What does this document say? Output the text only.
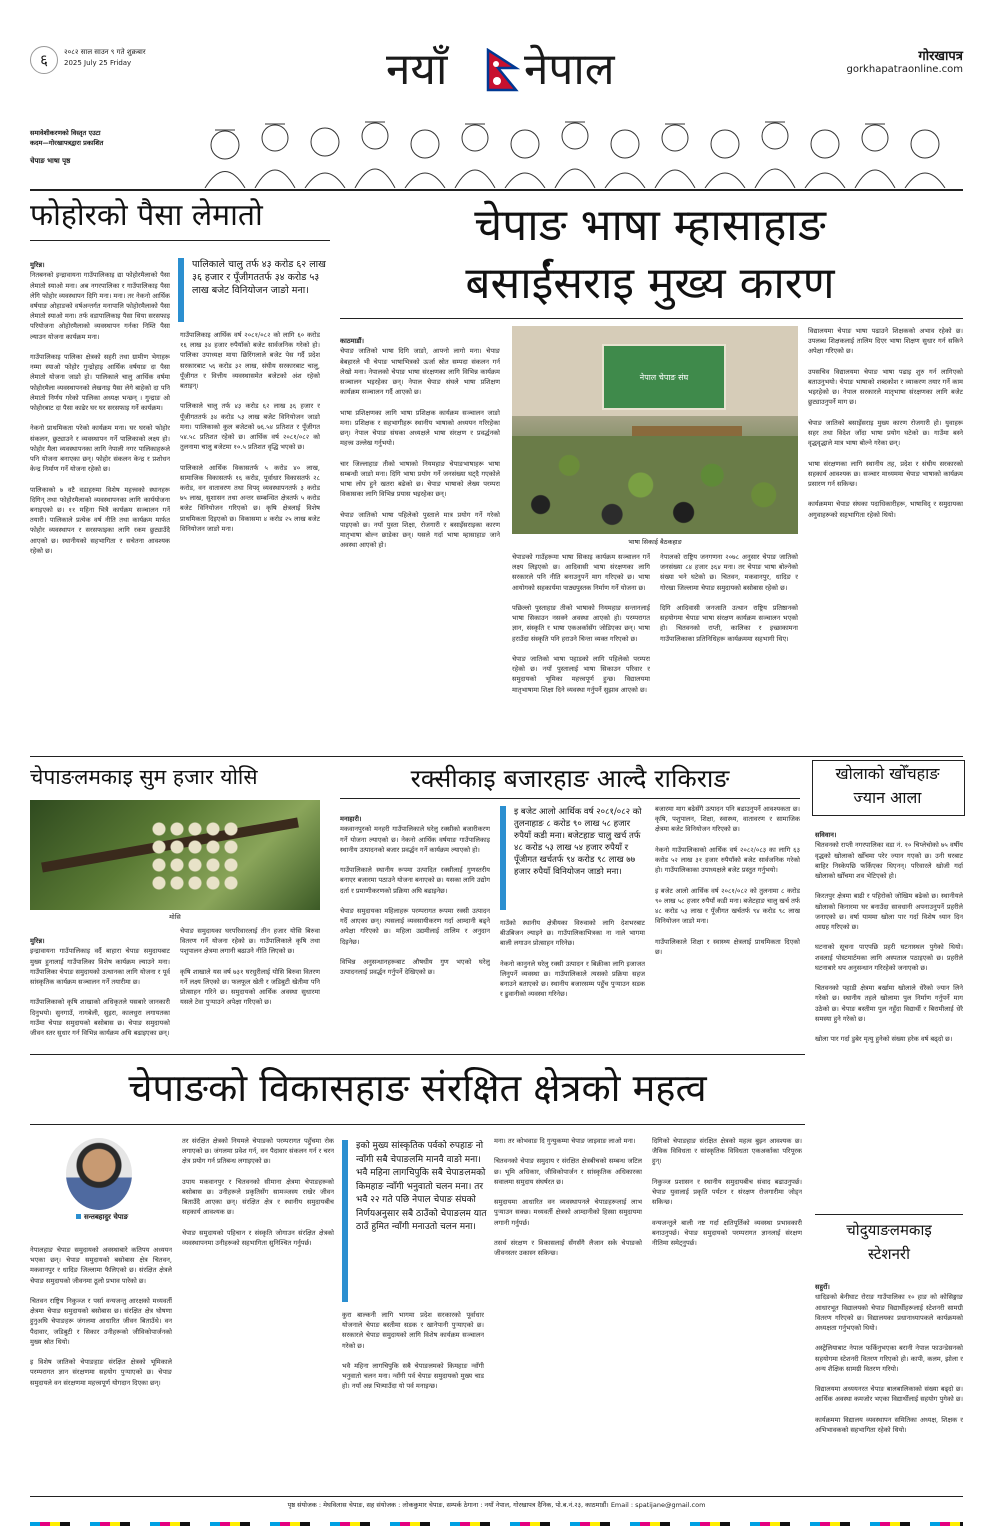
६ २०८२ साल साउन ९ गते शुक्रबार
2025 July 25 Friday	नयाँ नेपाल	गोरखापत्र
gorkhapatraonline.com
समावेशीकरणको विस्तृत एउटा
कदम—गोरखापत्रद्वारा प्रकाशित
चेपाङ भाषा पृष्ठ
फोहोरको पैसा लेमातो

मुरिन्न।
नितबनको इन्द्रावायना गाउँपालिकाइ द्या फोहोरमैलाको पैसा लेमातो स्याओ मना। अब नगरपालिका र गाउँपालिकाइ पैसा लेगि फोहोर व्यवस्थापन दिगि मना। मना। तर नेकनो आर्थिक वर्षयाङ ओहाङको वर्षअन्तर्गत मनापालि फोहोरमैलाको पैसा लेमातो स्याओ मना। तर्फ वडापालिकाइ पैसा थिया सरसफाइ परियोजना ओहोरमैलाको व्यवस्थापन गर्नका निम्ति पैसा ल्याउन योजना कार्यक्रम मना।

गाउँपालिकाइ पालिका क्षेत्रको सहरी तथा ग्रामीण भेगाहरू नम्मा स्याओ फोहोर गुन्द्रोहाइ आर्थिक वर्षयाङ दा पैसा लेमातो योजना जाङो हो। पालिकाले चालु आर्थिक वर्षमा फोहोरमैला व्यवस्थापनको लेखनाइ पैसा लेगे बाहेको दा पनि लेमातो निर्णय गरेको पालिका अध्यक्ष भन्छन् । गुन्द्राङ ओ फोहोरबाट दा पैसा काढेर घर घर सरसफाइ गर्ने कार्यक्रम।

नेकनो प्राथमिकता परेको कार्यक्रम मना। घर घरको फोहोर संकलन, छुट्याउने र व्यवस्थापन गर्ने पालिकाको लक्ष्य हो। फोहोर मैला व्यवस्थापनका लागि नेपाली नगर पालिकाहरूले पनि योजना बनाएका छन्। फोहोर संकलन केन्द्र र प्रशोधन केन्द्र निर्माण गर्ने योजना रहेको छ।

पालिकाको ७ वटै वडाहरुमा विशेष महत्त्वको स्थानहरू दिगिन् तथा फोहोरमैलाको व्यवस्थापनका लागि कार्ययोजना बनाइएको छ। ११ महिना भित्रै कार्यक्रम सञ्चालन गर्ने तयारी। पालिकाले प्रत्येक वर्ष नीति तथा कार्यक्रम मार्फत फोहोर व्यवस्थापन र सरसफाइका लागि रकम छुट्याउँदै आएको छ। स्थानीयको सहभागिता र सचेतना आवश्यक रहेको छ।

पालिकाले चालु तर्फ ४३ करोड ६२ लाख ३६ हजार र पूँजीगततर्फ ३४ करोड ५३ लाख बजेट विनियोजन जाङो मना।
गाउँपालिकाइ आर्थिक वर्ष २०८१/०८२ को लागि ६० करोड १६ लाख ३४ हजार रुपैयाँको बजेट सार्वजनिक गरेको हो। पालिका उपाध्यक्ष माया छिरिंगलाले बजेट पेस गर्दै प्रदेश सरकारबाट ५६ करोड ३२ लाख, संघीय सरकारबाट चालु, पूँजीगत र वित्तीय व्यवस्थासमेत बजेटको अंश रहेको बताइन्।

पालिकाले चालु तर्फ ४३ करोड ६२ लाख ३६ हजार र पूँजीगततर्फ ३४ करोड ५३ लाख बजेट विनियोजन जाङो मना। पालिकाको कुल बजेटको ७६.५४ प्रतिशत र पूँजीगत ५४.५८ प्रतिशत रहेको छ। आर्थिक वर्ष २०८१/०८२ को तुलनामा चालु बजेटमा १०.५ प्रतिशत वृद्धि भएको छ।

पालिकाले आर्थिक विकासतर्फ ५ करोड ४० लाख, सामाजिक विकासतर्फ १६ करोड, पूर्वाधार विकासतर्फ २८ करोड, वन वातावरण तथा विपद् व्यवस्थापनतर्फ ३ करोड ७५ लाख, सुशासन तथा अन्तर सम्बन्धित क्षेत्रतर्फ ५ करोड बजेट विनियोजन गरिएको छ। कृषि क्षेत्रलाई विशेष प्राथमिकता दिइएको छ। विकासमा ४ करोड २५ लाख बजेट विनियोजन जाङो मना।
चेपाङ भाषा म्हासाहाङ
बसाईंसराइ मुख्य कारण

काठमाडौं।
चेपाङ जातिको भाषा दिगि जाङो, आफ्नो लागो मना। चेपाङ बेबहारले भी चेपाङ भाषाभित्रको ऊर्जा स्रोत सम्पदा संकलन गर्न लेखो मना। नेपालको चेपाङ भाषा संरक्षणका लागि विभिन्न कार्यक्रम सञ्चालन भइरहेका छन्। नेपाल चेपाङ संघले भाषा प्रशिक्षण कार्यक्रम सञ्चालन गर्दै आएको छ।

भाषा प्रशिक्षणका लागि भाषा प्रशिक्षक कार्यक्रम सञ्चालन जाङो मना। प्रशिक्षक र सहभागीहरू स्थानीय भाषाको अध्ययन गरिरहेका छन्। नेपाल चेपाङ संघका अध्यक्षले भाषा संरक्षण र प्रवर्द्धनको महत्त्व उल्लेख गर्नुभयो।

चार जिल्लाहाङ तीको भाषाको नियमहाङ चेपाङभाषाहरू भाषा सम्बन्धी जाङो मना। दिगि भाषा प्रयोग गर्ने जनसंख्या घट्दै गएकोले भाषा लोप हुने खतरा बढेको छ। चेपाङ भाषाको लेख्य परम्परा विकासका लागि विभिन्न प्रयास भइरहेका छन्।

चेपाङ जातिको भाषा पहिलेको पुस्ताले मात्र प्रयोग गर्ने गरेको पाइएको छ। नयाँ पुस्ता शिक्षा, रोजगारी र बसाइँसराइका कारण मातृभाषा बोल्न छाडेका छन्। यसले गर्दा भाषा म्हासाहाङ जाने अवस्था आएको हो।

नेपाल चेपाङ संघ
भाषा सिकाई बैठकहाङ
चेपाङको गाउँहरूमा भाषा सिकाइ कार्यक्रम सञ्चालन गर्ने लक्ष्य लिइएको छ। आदिवासी भाषा संरक्षणका लागि सरकारले पनि नीति बनाउनुपर्ने माग गरिएको छ। भाषा आयोगको सहकार्यमा पाठ्यपुस्तक निर्माण गर्ने योजना छ।

पछिल्लो पुस्ताहाङ तीको भाषाको नियमहाङ सन्तानलाई भाषा सिकाउन नसक्ने अवस्था आएको हो। परम्परागत ज्ञान, संस्कृति र भाषा एकअर्कासँग जोडिएका छन्। भाषा हराउँदा संस्कृति पनि हराउने चिन्ता व्यक्त गरिएको छ।

चेपाङ जातिको भाषा पहाडको लागि पहिलेको परम्परा रहेको छ। नयाँ पुस्तालाई भाषा सिकाउन परिवार र समुदायको भूमिका महत्त्वपूर्ण हुन्छ। विद्यालयमा मातृभाषामा शिक्षा दिने व्यवस्था गर्नुपर्ने सुझाव आएको छ।
नेपालको राष्ट्रिय जनगणना २०७८ अनुसार चेपाङ जातिको जनसंख्या ८४ हजार ३६४ मना। तर चेपाङ भाषा बोल्नेको संख्या भने घटेको छ। चितवन, मकवानपुर, धादिङ र गोरखा जिल्लामा चेपाङ समुदायको बसोबास रहेको छ।

दिगि आदिवासी जनजाति उत्थान राष्ट्रिय प्रतिष्ठानको सहयोगमा चेपाङ भाषा संरक्षण कार्यक्रम सञ्चालन भएको हो। चितवनको राप्ती, कालिका र इच्छाकामना गाउँपालिकाका प्रतिनिधिहरू कार्यक्रममा सहभागी थिए।
विद्यालयमा चेपाङ भाषा पढाउने शिक्षकको अभाव रहेको छ। उपलब्ध शिक्षकलाई तालिम दिएर भाषा शिक्षण सुधार गर्न सकिने अपेक्षा गरिएको छ।

उपसचिव विद्यालयमा चेपाङ भाषा पढाइ शुरु गर्न लागिएको बताउनुभयो। चेपाङ भाषाको शब्दकोश र व्याकरण तयार गर्ने काम भइरहेको छ। नेपाल सरकारले मातृभाषा संरक्षणका लागि बजेट छुट्याउनुपर्ने माग छ।

चेपाङ जातिको बसाइँसराइ मुख्य कारण रोजगारी हो। युवाहरू सहर तथा विदेश जाँदा भाषा प्रयोग घटेको छ। गाउँमा बस्ने वृद्धवृद्धाले मात्र भाषा बोल्ने गरेका छन्।

भाषा संरक्षणका लागि स्थानीय तह, प्रदेश र संघीय सरकारको सहकार्य आवश्यक छ। सञ्चार माध्यममा चेपाङ भाषाको कार्यक्रम प्रसारण गर्न सकिन्छ।

कार्यक्रममा चेपाङ संघका पदाधिकारीहरू, भाषाविद् र समुदायका अगुवाहरूको सहभागिता रहेको थियो।
चेपाङलमकाइ सुम हजार योसि
मोसि

मुरिन्न।
इन्द्रावायना गाउँपालिकाइ वर्दै बाहारा चेपाङ समुदायबाट मुख्य हुनालाई गाउँपालिका विशेष कार्यक्रम ल्याउने मना। गाउँपालिका चेपाङ समुदायको उत्थानका लागि योजना र पूर्व सांस्कृतिक कार्यक्रम सञ्चालन गर्ने तयारीमा छ।

गाउँपालिकाको कृषि शाखाको अधिकृतले यसबारे जानकारी दिनुभयो। सुनगाउँ, नागबेली, सुइरा, कालधुरा लगायतका गाउँमा चेपाङ समुदायको बसोबास छ। चेपाङ समुदायको जीवन स्तर सुधार गर्न विभिन्न कार्यक्रम अघि बढाइएका छन्।

चेपाङ समुदायका घरपरिवारलाई तीन हजार योसि बिरुवा वितरण गर्ने योजना रहेको छ। गाउँपालिकाले कृषि तथा पशुपालन क्षेत्रमा लगानी बढाउने नीति लिएको छ।

कृषि शाखाले यस वर्ष ७३१ घरधुरीलाई योसि बिरुवा वितरण गर्ने लक्ष्य लिएको छ। फलफूल खेती र जडिबुटी खेतीमा पनि प्रोत्साहन गरिने छ। समुदायको आर्थिक अवस्था सुधारमा यसले टेवा पुर्‍याउने अपेक्षा गरिएको छ।
रक्सीकाइ बजारहाङ आल्दै राकिराङ

मनाहारी।
मकवानपुरको मनहरी गाउँपालिकाले घरेलु रक्सीको बजारीकरण गर्ने योजना ल्याएको छ। नेकनो आर्थिक वर्षयाङ गाउँपालिकाइ स्थानीय उत्पादनको बजार प्रवर्द्धन गर्ने कार्यक्रम ल्याएको हो।

गाउँपालिकाले स्थानीय रूपमा उत्पादित रक्सीलाई गुणस्तरीय बनाएर बजारमा पठाउने योजना बनाएको छ। यसका लागि उद्योग दर्ता र प्रमाणीकरणको प्रक्रिया अघि बढाइनेछ।

चेपाङ समुदायका महिलाहरू परम्परागत रूपमा रक्सी उत्पादन गर्दै आएका छन्। त्यसलाई व्यवसायीकरण गर्दा आम्दानी बढ्ने अपेक्षा गरिएको छ। महिला उद्यमीलाई तालिम र अनुदान दिइनेछ।

विभिन्न अनुसन्धानहरूबाट औषधीय गुण भएको घरेलु उत्पादनलाई प्रवर्द्धन गर्नुपर्ने देखिएको छ।

इ बजेट आलो आर्थिक वर्ष २०८१/०८२ को तुलनाहाङ ८ करोड ९० लाख ५८ हजार रुपैयाँ कडी मना। बजेटहाङ चालु खर्च तर्फ ४८ करोड ५३ लाख ५४ हजार रुपैयाँ र पूँजीगत खर्चतर्फ ९४ करोड ९८ लाख ७७ हजार रुपैयाँ विनियोजन जाङो मना।
गाउँको स्थानीय क्षेत्रीयका विरुवाको लागि देशभरबाट बीउबिजन ल्याइने छ। गाउँपालिकाभित्रका ना नाले भागमा बाली लगाउन प्रोत्साहन गरिनेछ।

नेकनो कानुनले घरेलु रक्सी उत्पादन र बिक्रीका लागि इजाजत लिनुपर्ने व्यवस्था छ। गाउँपालिकाले त्यसको प्रक्रिया सहज बनाउने बताएको छ। स्थानीय बजारसम्म पहुँच पुर्‍याउन सडक र ढुवानीको व्यवस्था गरिनेछ।
बजारमा माग बढेसँगै उत्पादन पनि बढाउनुपर्ने आवश्यकता छ। कृषि, पशुपालन, शिक्षा, स्वास्थ्य, वातावरण र सामाजिक क्षेत्रमा बजेट विनियोजन गरिएको छ।

नेकनो गाउँपालिकाको आर्थिक वर्ष २०८२/०८३ का लागि ६३ करोड ५२ लाख ३१ हजार रुपैयाँको बजेट सार्वजनिक गरेको हो। गाउँपालिकाका उपाध्यक्षले बजेट प्रस्तुत गर्नुभयो।

इ बजेट आलो आर्थिक वर्ष २०८१/०८२ को तुलनामा ८ करोड ९० लाख ५८ हजार रुपैयाँ कडी मना। बजेटहाङ चालु खर्च तर्फ ४८ करोड ५३ लाख र पूँजीगत खर्चतर्फ ९४ करोड ९८ लाख विनियोजन जाङो मना।

गाउँपालिकाले शिक्षा र स्वास्थ्य क्षेत्रलाई प्राथमिकता दिएको छ।
खोलाको खोँचहाङ
ज्यान आला

सविवान।
चितवनको राप्ती नगरपालिका वडा नं. १० चिप्लेचोको ७५ वर्षीय वृद्धको खोलाको खोँचमा परेर ज्यान गएको छ। उनी घरबाट बाहिर निस्केपछि फर्किएका थिएनन्। परिवारले खोजी गर्दा खोलाको खोँचमा शव भेटिएको हो।

किरतपुर क्षेत्रमा बाढी र पहिरोको जोखिम बढेको छ। स्थानीयले खोलाको किनारमा घर बनाउँदा सावधानी अपनाउनुपर्ने प्रहरीले जनाएको छ। वर्षा याममा खोला पार गर्दा विशेष ध्यान दिन आग्रह गरिएको छ।

घटनाको सूचना पाएपछि प्रहरी घटनास्थल पुगेको थियो। शवलाई पोस्टमार्टमका लागि अस्पताल पठाइएको छ। प्रहरीले घटनाबारे थप अनुसन्धान गरिरहेको जनाएको छ।

चितवनको पहाडी क्षेत्रमा बर्खामा खोलाले धेरैको ज्यान लिने गरेको छ। स्थानीय तहले खोलामा पुल निर्माण गर्नुपर्ने माग उठेको छ। चेपाङ बस्तीमा पुल नहुँदा विद्यार्थी र बिरामीलाई धेरै समस्या हुने गरेको छ।

खोला पार गर्दा डुबेर मृत्यु हुनेको संख्या हरेक वर्ष बढ्दो छ।

चेपाङको विकासहाङ संरक्षित क्षेत्रको महत्व
सन्तबहादुर चेपाङ
नेपालहाङ चेपाङ समुदायको अवस्थाबारे कतिपय अध्ययन भएका छन्। चेपाङ समुदायको बसोबास क्षेत्र चितवन, मकवानपुर र धादिङ जिल्लामा फैलिएको छ। संरक्षित क्षेत्रले चेपाङ समुदायको जीवनमा ठूलो प्रभाव पारेको छ।

चितवन राष्ट्रिय निकुञ्ज र पर्सा वन्यजन्तु आरक्षको मध्यवर्ती क्षेत्रमा चेपाङ समुदायको बसोबास छ। संरक्षित क्षेत्र घोषणा हुनुअघि चेपाङहरू जंगलमा आधारित जीवन बिताउँथे। वन पैदावार, जडिबुटी र सिकार उनीहरूको जीविकोपार्जनको मुख्य स्रोत थियो।

इ विशेष जातिको चेपाङहाङ संरक्षित क्षेत्रको भूमिकाले परम्परागत ज्ञान संरक्षणमा सहयोग पुर्‍याएको छ। चेपाङ समुदायले वन संरक्षणमा महत्त्वपूर्ण योगदान दिएका छन्।
तर संरक्षित क्षेत्रको नियमले चेपाङको परम्परागत पहुँचमा रोक लगाएको छ। जंगलमा प्रवेश गर्न, वन पैदावार संकलन गर्न र चरन क्षेत्र प्रयोग गर्न प्रतिबन्ध लगाइएको छ।

उपाय मकवानपुर र चितवनको सीमाना क्षेत्रमा चेपाङहरूको बसोबास छ। उनीहरूले प्रकृतिसँग सामञ्जस्य राखेर जीवन बिताउँदै आएका छन्। संरक्षित क्षेत्र र स्थानीय समुदायबीच सहकार्य आवश्यक छ।

चेपाङ समुदायको पहिचान र संस्कृति जोगाउन संरक्षित क्षेत्रको व्यवस्थापनमा उनीहरूको सहभागिता सुनिश्चित गर्नुपर्छ।
इको मुख्य सांस्कृतिक पर्वको रुपहाङ नो न्वाँगी सबै चेपाङलमि मानवै वाङो मना। भवै महिना लागचिपुकि सबै चेपाङलमको किमहाङ न्वाँगी भनुवातो चलन मना। तर भवै २२ गते पछि नेपाल चेपाङ संघको निर्णयअनुसार सबै ठाउँको चेपाङलम यात ठाउँ हुमित न्वाँगी मनाउतो चलन मना।
कुरा बाल्कनी लागि भागमा प्रदेश सरकारको पूर्वाधार योजनाले चेपाङ बस्तीमा सडक र खानेपानी पुर्‍याएको छ। सरकारले चेपाङ समुदायको लागि विशेष कार्यक्रम सञ्चालन गरेको छ।

भवै महिना लागचिपुकि सबै चेपाङलमको किमहाङ न्वाँगी भनुवातो चलन मना। न्वाँगी पर्व चेपाङ समुदायको मुख्य चाड हो। नयाँ अन्न भित्र्याउँदा यो पर्व मनाइन्छ।
मना। तर कोभवाङ दि गुन्युकम्मा चेपाङ जाइवाङ लाओ मना।

चितवनको चेपाङ समुदाय र संरक्षित क्षेत्रबीचको सम्बन्ध जटिल छ। भूमि अधिकार, जीविकोपार्जन र सांस्कृतिक अधिकारका सवालमा समुदाय संघर्षरत छ।

समुदायमा आधारित वन व्यवस्थापनले चेपाङहरूलाई लाभ पुर्‍याउन सक्छ। मध्यवर्ती क्षेत्रको आम्दानीको हिस्सा समुदायमा लगानी गर्नुपर्छ।

तसर्थ संरक्षण र विकासलाई सँगसँगै लैजान सके चेपाङको जीवनस्तर उकास्न सकिन्छ।
दिगिको चेपाङहाङ संरक्षित क्षेत्रको महत्व बुझ्न आवश्यक छ। जैविक विविधता र सांस्कृतिक विविधता एकअर्काका परिपूरक हुन्।

निकुञ्ज प्रशासन र स्थानीय समुदायबीच संवाद बढाउनुपर्छ। चेपाङ युवालाई प्रकृति पर्यटन र संरक्षण रोजगारीमा जोड्न सकिन्छ।

वन्यजन्तुले बाली नष्ट गर्दा क्षतिपूर्तिको व्यवस्था प्रभावकारी बनाउनुपर्छ। चेपाङ समुदायको परम्परागत ज्ञानलाई संरक्षण नीतिमा समेट्नुपर्छ।
चोदुयाङलमकाइ
स्टेशनरी

सहुर्रो।
धादिङको बेनीघाट रोराङ गाउँपालिका १० हाङ को कोसिङ्गाङ आधारभूत विद्यालयको चेपाङ विद्यार्थीहरूलाई स्टेशनरी सामग्री वितरण गरिएको छ। विद्यालयका प्रधानाध्यापकले कार्यक्रमको अध्यक्षता गर्नुभएको थियो।

अस्ट्रेलियाबाट नेपाल फर्किनुभएका बरानी नेपाल फाउन्डेसनको सहयोगमा स्टेशनरी वितरण गरिएको हो। कापी, कलम, झोला र अन्य शैक्षिक सामग्री वितरण गरियो।

विद्यालयमा अध्ययनरत चेपाङ बालबालिकाको संख्या बढ्दो छ। आर्थिक अवस्था कमजोर भएका विद्यार्थीलाई सहयोग पुगेको छ।

कार्यक्रममा विद्यालय व्यवस्थापन समितिका अध्यक्ष, शिक्षक र अभिभावकको सहभागिता रहेको थियो।

पृष्ठ संयोजक : मेघविलास चेपाङ, सह संयोजक : लोककुमार चेपाङ, सम्पर्क ठेगाना : नयाँ नेपाल, गोरखापत्र दैनिक, पो.ब.नं.२३, काठमाडौं। Email : spatijane@gmail.com
